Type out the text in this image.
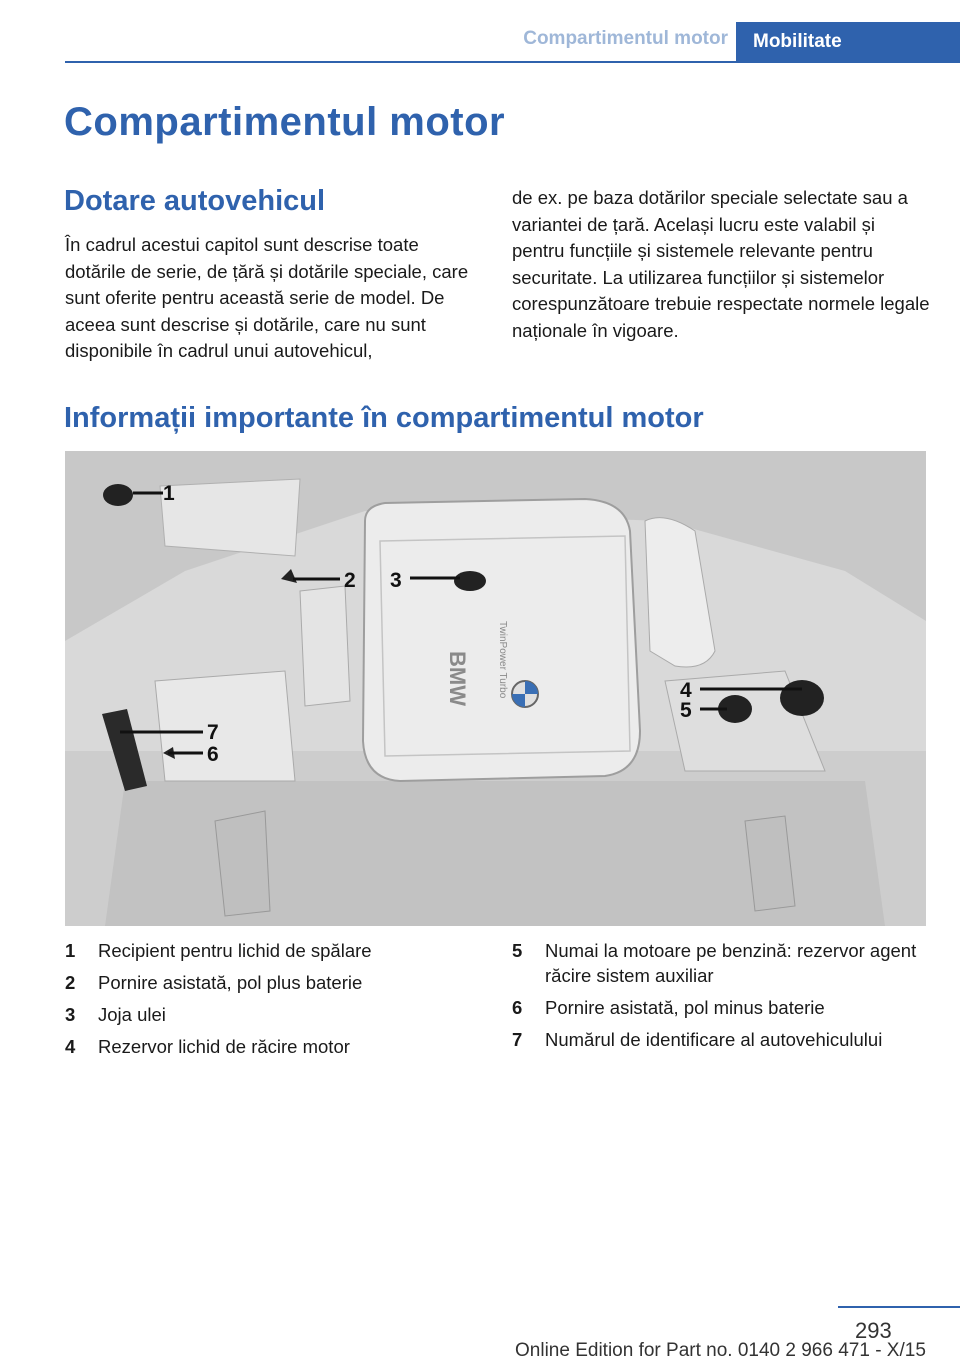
Compartimentul motor	Mobilitate
Compartimentul motor
Dotare autovehicul

În cadrul acestui capitol sunt descrise toate dotările de serie, de țără și dotările speciale, care sunt oferite pentru această serie de model. De aceea sunt descrise și dotările, care nu sunt disponibile în cadrul unui autovehicul,

de ex. pe baza dotărilor speciale selectate sau a variantei de țară. Același lucru este valabil și pentru funcțiile și sistemele relevante pentru securitate. La utilizarea funcțiilor și sistemelor corespunzătoare trebuie respectate normele legale naționale în vigoare.

Informații importante în compartimentul motor
BMW	TwinPower Turbo
1
2 3
4
5
6
7
1	Recipient pentru lichid de spălare
2	Pornire asistată, pol plus baterie
3	Joja ulei
4	Rezervor lichid de răcire motor
5	Numai la motoare pe benzină: rezervor agent răcire sistem auxiliar
6	Pornire asistată, pol minus baterie
7	Numărul de identificare al autovehiculului
293
Online Edition for Part no. 0140 2 966 471 - X/15
